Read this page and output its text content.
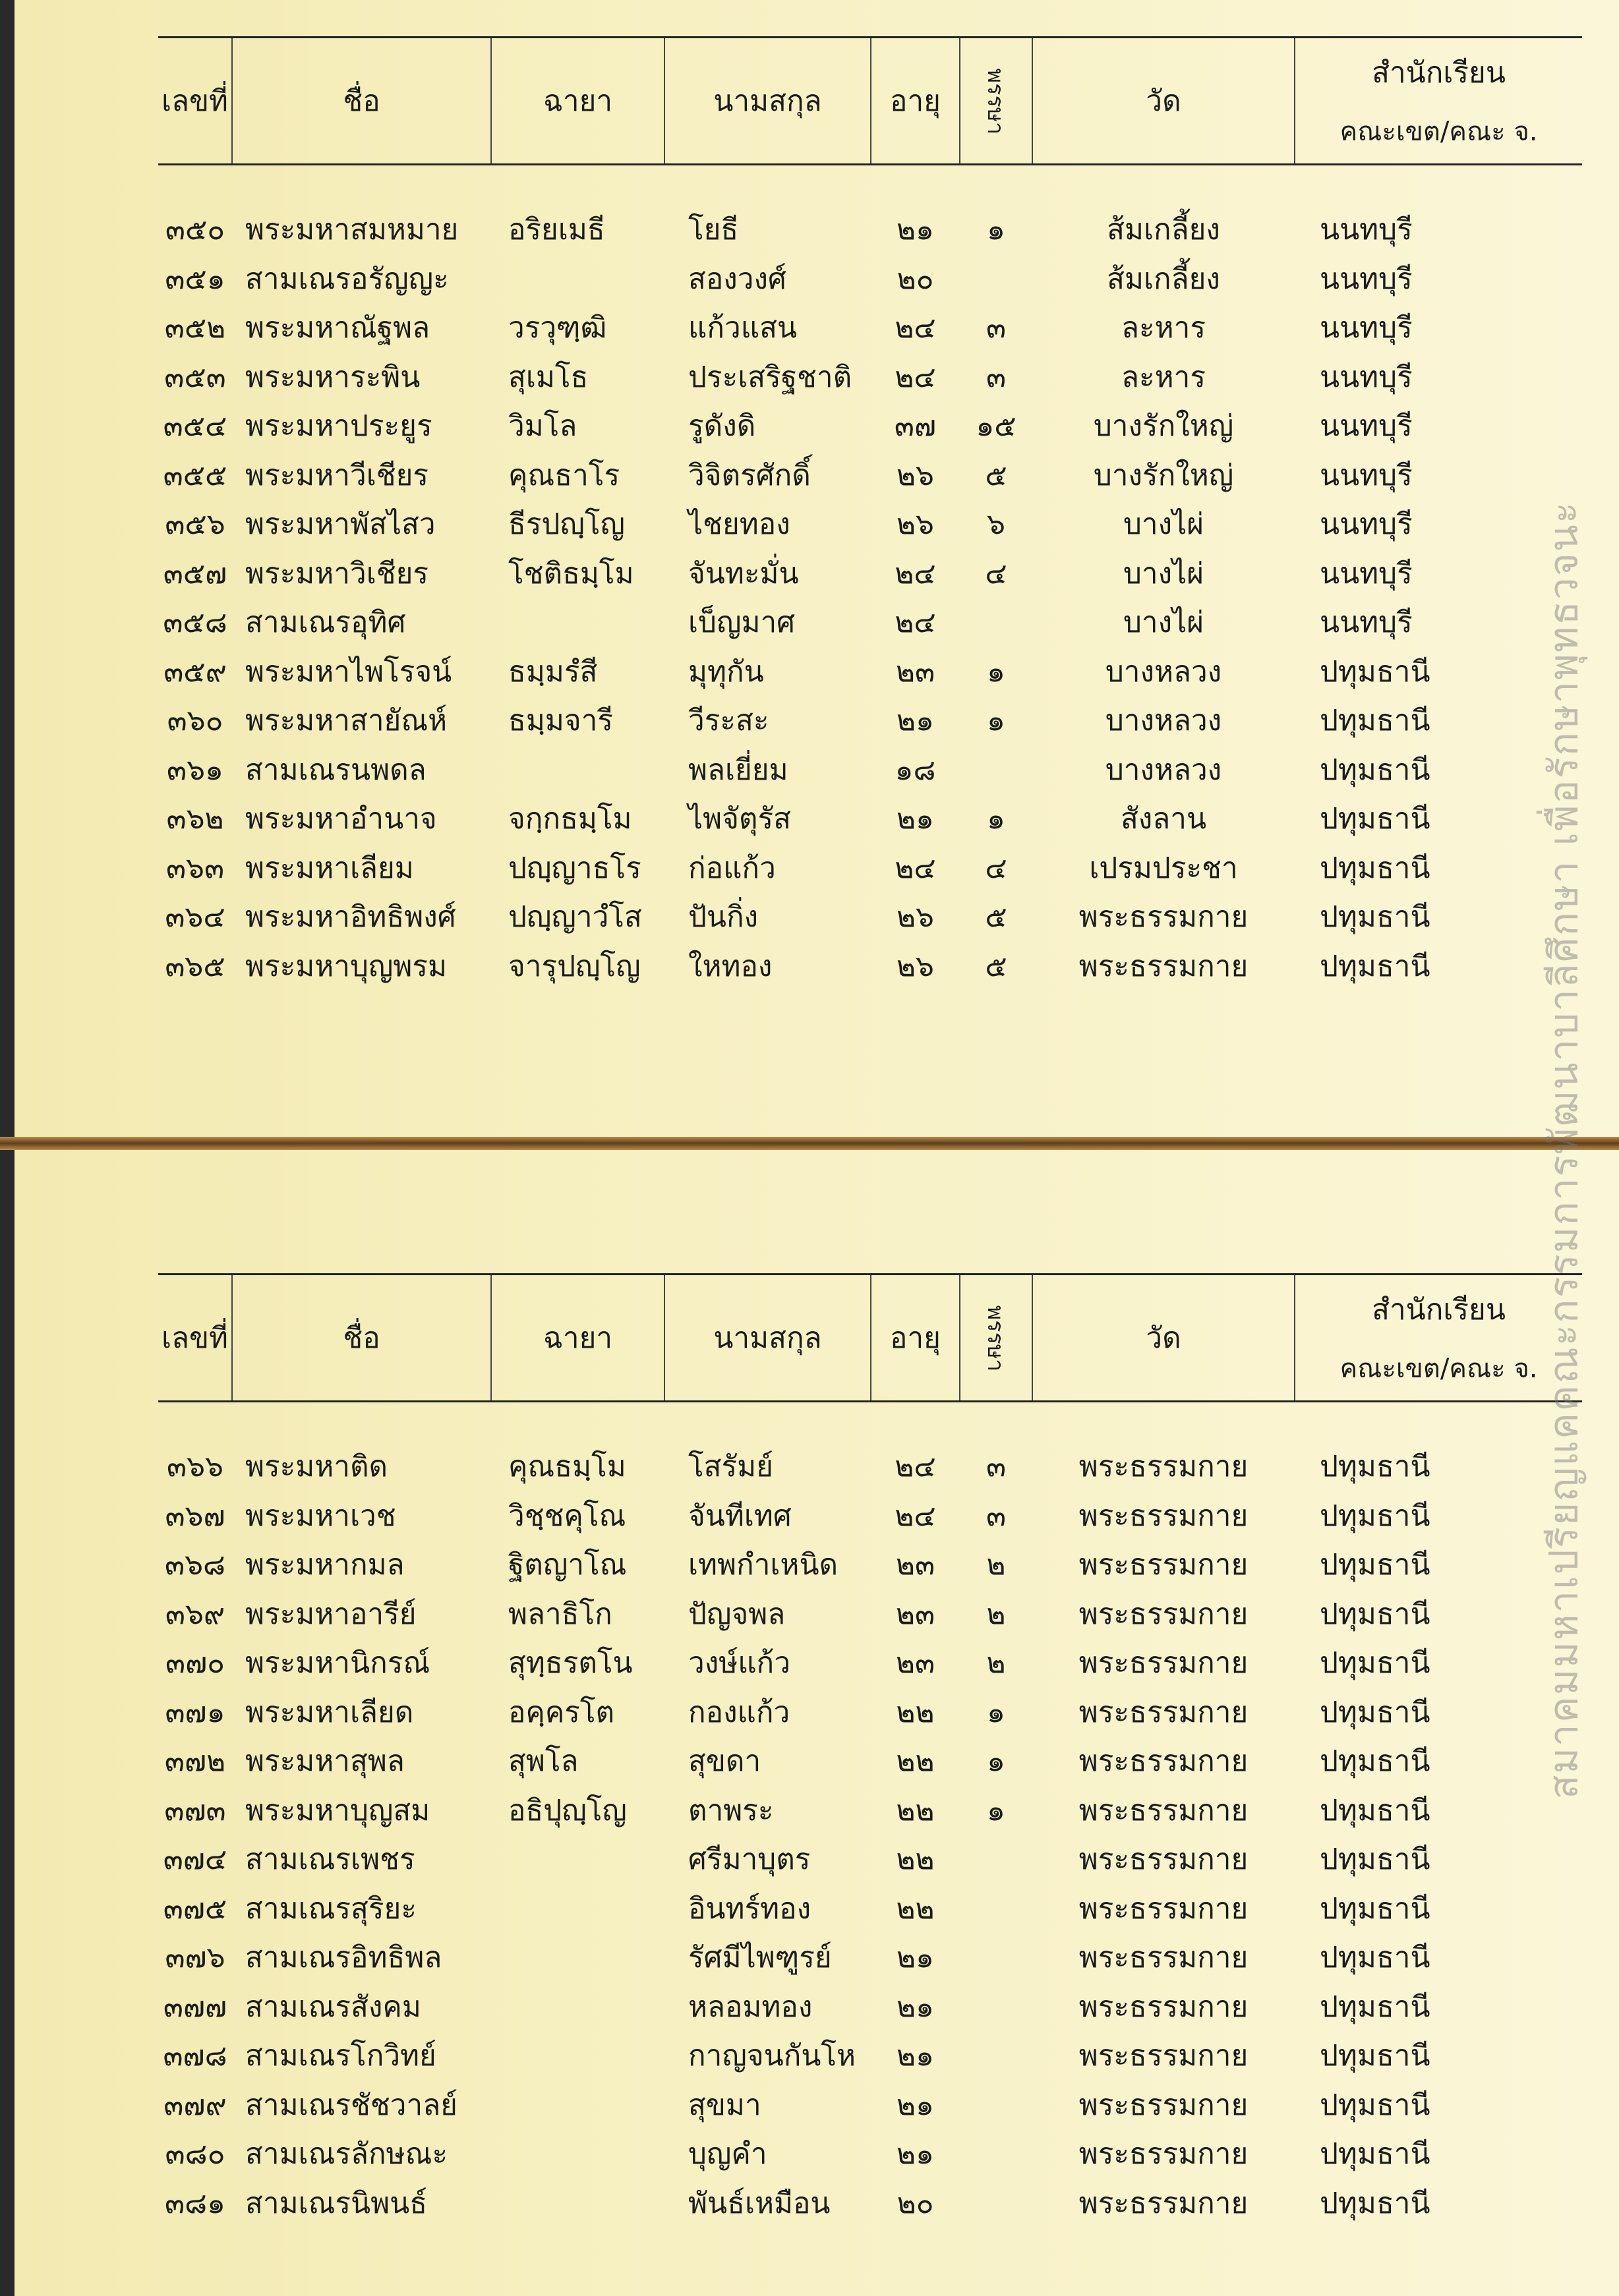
เลขที่	ชื่อ	ฉายา	นามสกุล	อายุ	พรรษา	วัด	สำนักเรียน
คณะเขต/คณะ จ.

๓๕๐	พระมหาสมหมาย	อริยเมธี	โยธี	๒๑	๑	ส้มเกลี้ยง	นนทบุรี
๓๕๑	สามเณรอรัญญะ		สองวงศ์	๒๐		ส้มเกลี้ยง	นนทบุรี
๓๕๒	พระมหาณัฐพล	วรวุฑฺฒิ	แก้วแสน	๒๔	๓	ละหาร	นนทบุรี
๓๕๓	พระมหาระพิน	สุเมโธ	ประเสริฐชาติ	๒๔	๓	ละหาร	นนทบุรี
๓๕๔	พระมหาประยูร	วิมโล	รูดังดิ	๓๗	๑๕	บางรักใหญ่	นนทบุรี
๓๕๕	พระมหาวีเชียร	คุณธาโร	วิจิตรศักดิ์	๒๖	๕	บางรักใหญ่	นนทบุรี
๓๕๖	พระมหาพัสไสว	ธีรปญฺโญ	ไชยทอง	๒๖	๖	บางไผ่	นนทบุรี
๓๕๗	พระมหาวิเชียร	โชติธมฺโม	จันทะมั่น	๒๔	๔	บางไผ่	นนทบุรี
๓๕๘	สามเณรอุทิศ		เบ็ญมาศ	๒๔		บางไผ่	นนทบุรี
๓๕๙	พระมหาไพโรจน์	ธมฺมรํสี	มุทุกัน	๒๓	๑	บางหลวง	ปทุมธานี
๓๖๐	พระมหาสายัณห์	ธมฺมจารี	วีระสะ	๒๑	๑	บางหลวง	ปทุมธานี
๓๖๑	สามเณรนพดล		พลเยี่ยม	๑๘		บางหลวง	ปทุมธานี
๓๖๒	พระมหาอำนาจ	จกฺกธมฺโม	ไพจัตุรัส	๒๑	๑	สังลาน	ปทุมธานี
๓๖๓	พระมหาเลียม	ปญฺญาธโร	ก่อแก้ว	๒๔	๔	เปรมประชา	ปทุมธานี
๓๖๔	พระมหาอิทธิพงศ์	ปญฺญาวํโส	ปันกิ่ง	๒๖	๕	พระธรรมกาย	ปทุมธานี
๓๖๕	พระมหาบุญพรม	จารุปญฺโญ	ใหทอง	๒๖	๕	พระธรรมกาย	ปทุมธานี
เลขที่	ชื่อ	ฉายา	นามสกุล	อายุ	พรรษา	วัด	สำนักเรียน
คณะเขต/คณะ จ.

๓๖๖	พระมหาติด	คุณธมฺโม	โสรัมย์	๒๔	๓	พระธรรมกาย	ปทุมธานี
๓๖๗	พระมหาเวช	วิชฺชคุโณ	จันทีเทศ	๒๔	๓	พระธรรมกาย	ปทุมธานี
๓๖๘	พระมหากมล	ฐิตญาโณ	เทพกำเหนิด	๒๓	๒	พระธรรมกาย	ปทุมธานี
๓๖๙	พระมหาอารีย์	พลาธิโก	ปัญจพล	๒๓	๒	พระธรรมกาย	ปทุมธานี
๓๗๐	พระมหานิกรณ์	สุทฺธรตโน	วงษ์แก้ว	๒๓	๒	พระธรรมกาย	ปทุมธานี
๓๗๑	พระมหาเลียด	อคฺครโต	กองแก้ว	๒๒	๑	พระธรรมกาย	ปทุมธานี
๓๗๒	พระมหาสุพล	สุพโล	สุขดา	๒๒	๑	พระธรรมกาย	ปทุมธานี
๓๗๓	พระมหาบุญสม	อธิปุญฺโญ	ตาพระ	๒๒	๑	พระธรรมกาย	ปทุมธานี
๓๗๔	สามเณรเพชร		ศรีมาบุตร	๒๒		พระธรรมกาย	ปทุมธานี
๓๗๕	สามเณรสุริยะ		อินทร์ทอง	๒๒		พระธรรมกาย	ปทุมธานี
๓๗๖	สามเณรอิทธิพล		รัศมีไพฑูรย์	๒๑		พระธรรมกาย	ปทุมธานี
๓๗๗	สามเณรสังคม		หลอมทอง	๒๑		พระธรรมกาย	ปทุมธานี
๓๗๘	สามเณรโกวิทย์		กาญจนกันโห	๒๑		พระธรรมกาย	ปทุมธานี
๓๗๙	สามเณรชัชวาลย์		สุขมา	๒๑		พระธรรมกาย	ปทุมธานี
๓๘๐	สามเณรลักษณะ		บุญคำ	๒๑		พระธรรมกาย	ปทุมธานี
๓๘๑	สามเณรนิพนธ์		พันธ์เหมือน	๒๐		พระธรรมกาย	ปทุมธานี
สมาคมมหาเปรียญแคคณะกรรมการพัฒนาบาลีศึกษา เพื่อรักษาพุทธวจนะ
